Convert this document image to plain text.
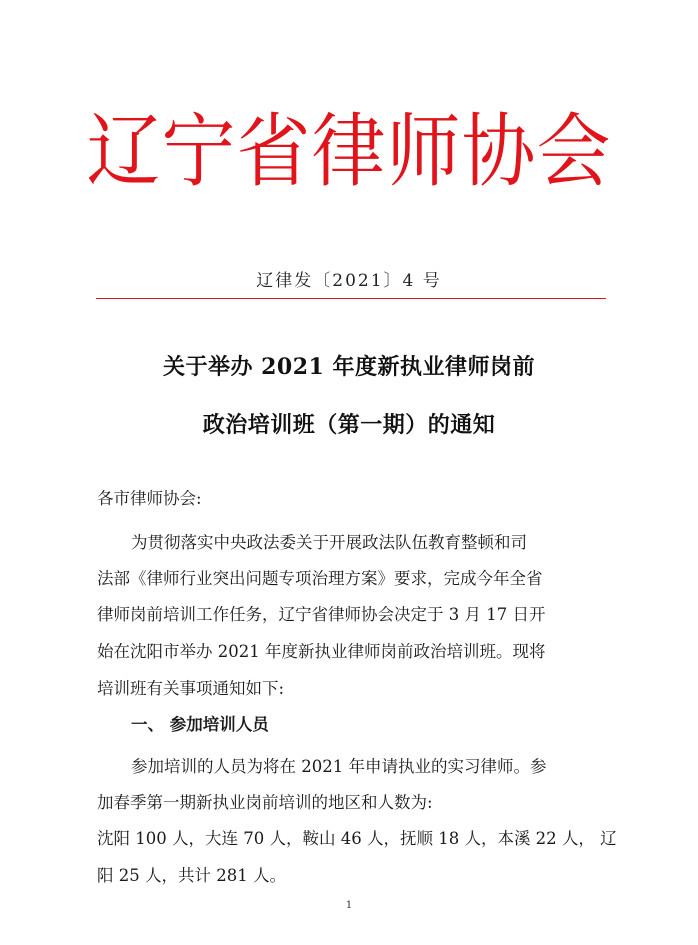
辽宁省律师协会
辽律发〔2021〕4 号
关于举办 2021 年度新执业律师岗前
政治培训班（第一期）的通知
各市律师协会:
为贯彻落实中央政法委关于开展政法队伍教育整顿和司
法部《律师行业突出问题专项治理方案》要求，完成今年全省
律师岗前培训工作任务，辽宁省律师协会决定于 3 月 17 日开
始在沈阳市举办 2021 年度新执业律师岗前政治培训班。现将
培训班有关事项通知如下:
一、 参加培训人员
参加培训的人员为将在 2021 年申请执业的实习律师。参
加春季第一期新执业岗前培训的地区和人数为:
沈阳 100 人，大连 70 人，鞍山 46 人，抚顺 18 人，本溪 22 人， 辽
阳 25 人，共计 281 人。
1
